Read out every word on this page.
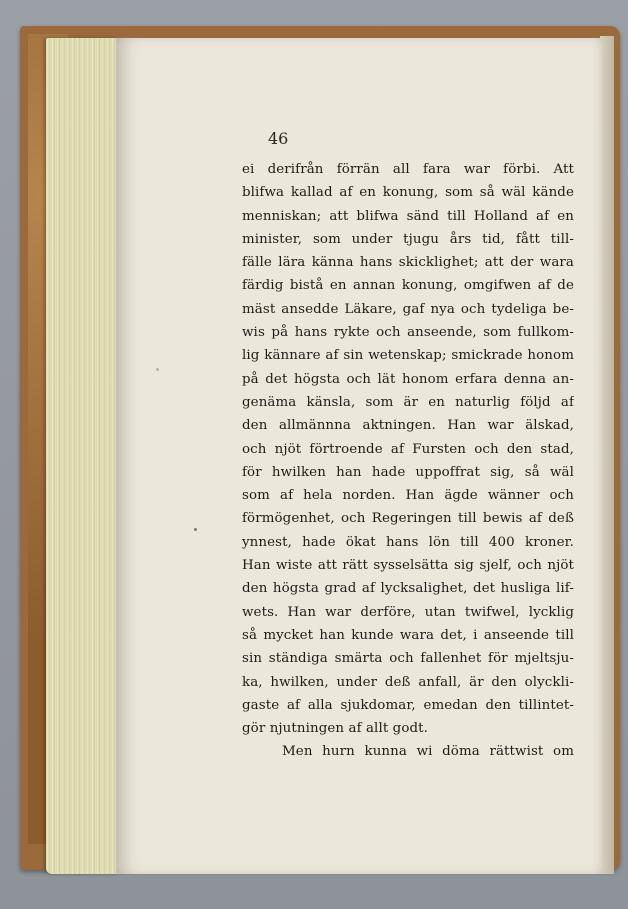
46

ei derifrån förrän all fara war förbi. Att
blifwa kallad af en konung, som så wäl kände
menniskan; att blifwa sänd till Holland af en
minister, som under tjugu års tid, fått till-
fälle lära känna hans skicklighet; att der wara
färdig bistå en annan konung, omgifwen af de
mäst ansedde Läkare, gaf nya och tydeliga be-
wis på hans rykte och anseende, som fullkom-
lig kännare af sin wetenskap; smickrade honom
på det högsta och lät honom erfara denna an-
genäma känsla, som är en naturlig följd af
den allmännna aktningen. Han war älskad,
och njöt förtroende af Fursten och den stad,
för hwilken han hade uppoffrat sig, så wäl
som af hela norden. Han ägde wänner och
förmögenhet, och Regeringen till bewis af deß
ynnest, hade ökat hans lön till 400 kroner.
Han wiste att rätt sysselsätta sig sjelf, och njöt
den högsta grad af lycksalighet, det husliga lif-
wets. Han war derföre, utan twifwel, lycklig
så mycket han kunde wara det, i anseende till
sin ständiga smärta och fallenhet för mjeltsju-
ka, hwilken, under deß anfall, är den olyckli-
gaste af alla sjukdomar, emedan den tillintet-
gör njutningen af allt godt.
Men hurn kunna wi döma rättwist om
